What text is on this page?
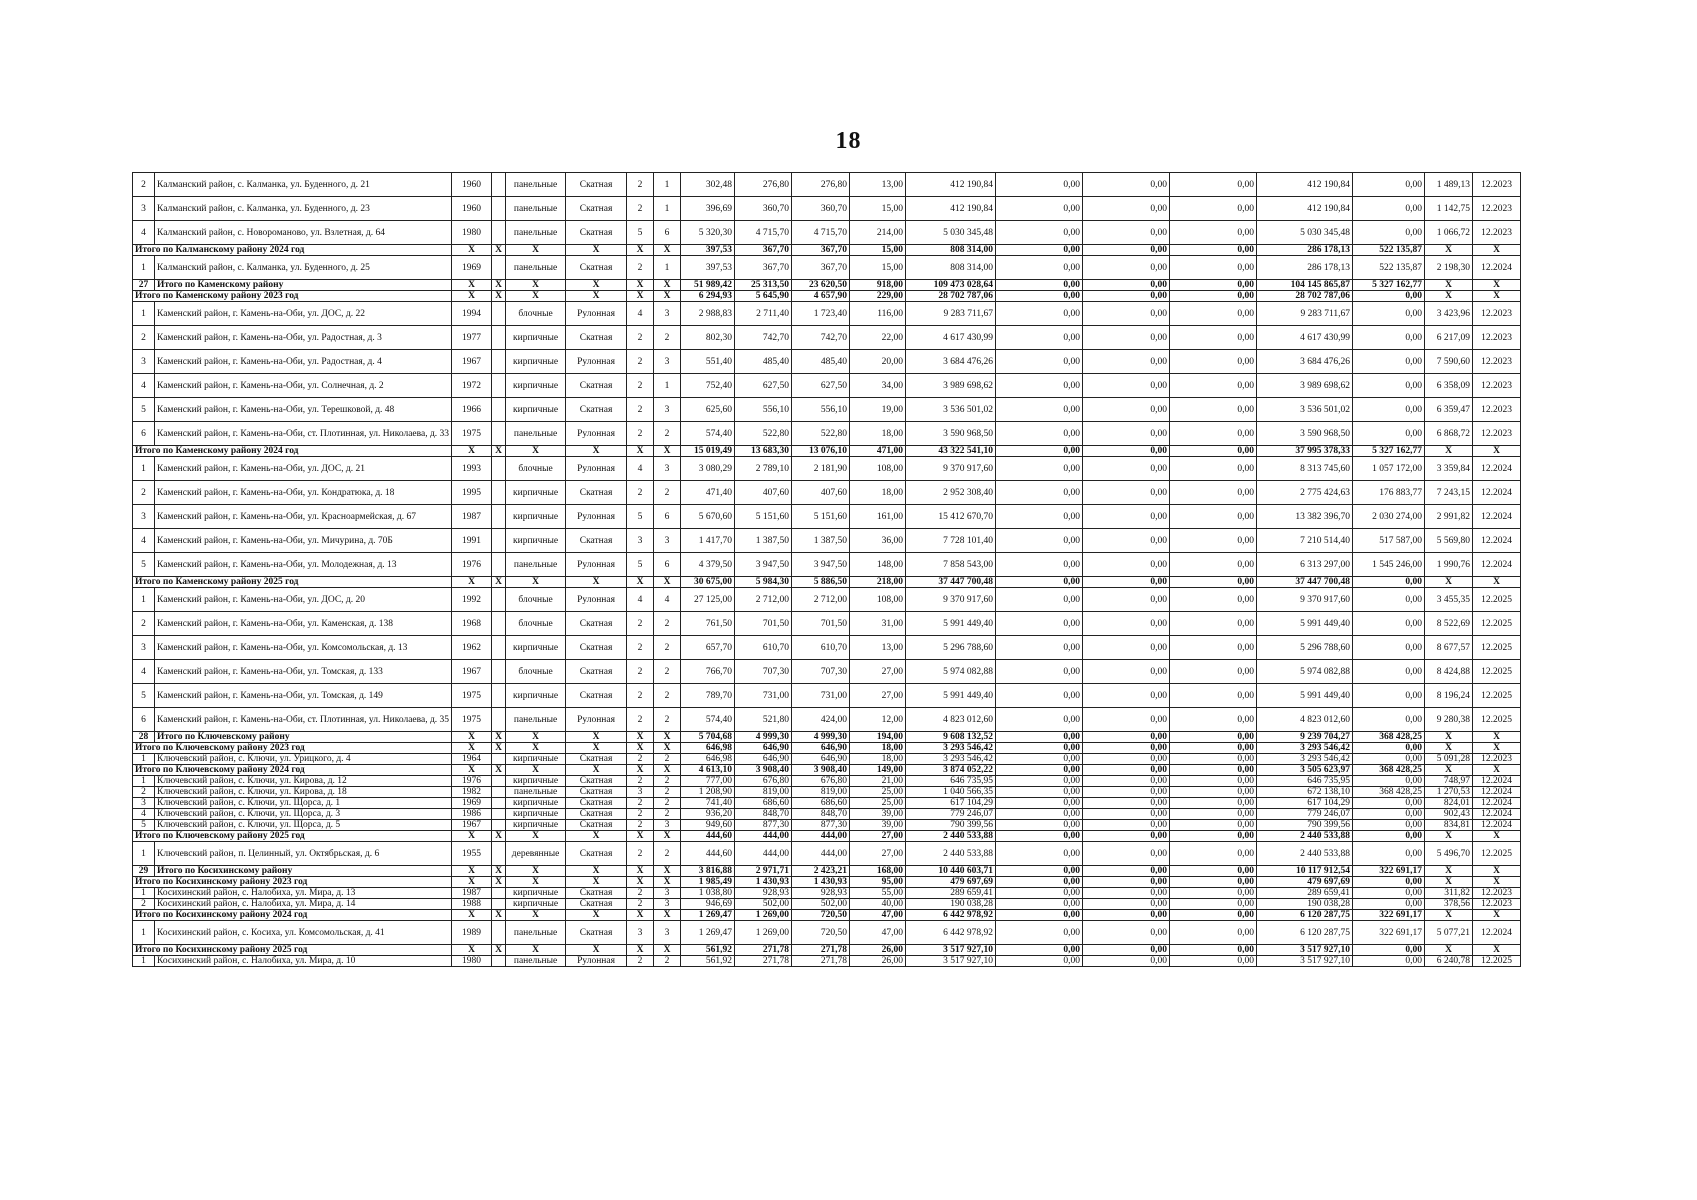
18
2	Калманский район, с. Калманка, ул. Буденного, д. 21	1960		панельные	Скатная	2	1	302,48	276,80	276,80	13,00	412 190,84	0,00	0,00	0,00	412 190,84	0,00	1 489,13	12.2023
3	Калманский район, с. Калманка, ул. Буденного, д. 23	1960		панельные	Скатная	2	1	396,69	360,70	360,70	15,00	412 190,84	0,00	0,00	0,00	412 190,84	0,00	1 142,75	12.2023
4	Калманский район, с. Новороманово, ул. Взлетная, д. 64	1980		панельные	Скатная	5	6	5 320,30	4 715,70	4 715,70	214,00	5 030 345,48	0,00	0,00	0,00	5 030 345,48	0,00	1 066,72	12.2023
Итого по Калманскому району 2024 год		X	X	X	X	X	X	397,53	367,70	367,70	15,00	808 314,00	0,00	0,00	0,00	286 178,13	522 135,87	X	X
1	Калманский район, с. Калманка, ул. Буденного, д. 25	1969		панельные	Скатная	2	1	397,53	367,70	367,70	15,00	808 314,00	0,00	0,00	0,00	286 178,13	522 135,87	2 198,30	12.2024
27	Итого по Каменскому району	X	X	X	X	X	X	51 989,42	25 313,50	23 620,50	918,00	109 473 028,64	0,00	0,00	0,00	104 145 865,87	5 327 162,77	X	X
Итого по Каменскому району 2023 год		X	X	X	X	X	X	6 294,93	5 645,90	4 657,90	229,00	28 702 787,06	0,00	0,00	0,00	28 702 787,06	0,00	X	X
1	Каменский район, г. Камень-на-Оби, ул. ДОС, д. 22	1994		блочные	Рулонная	4	3	2 988,83	2 711,40	1 723,40	116,00	9 283 711,67	0,00	0,00	0,00	9 283 711,67	0,00	3 423,96	12.2023
2	Каменский район, г. Камень-на-Оби, ул. Радостная, д. 3	1977		кирпичные	Скатная	2	2	802,30	742,70	742,70	22,00	4 617 430,99	0,00	0,00	0,00	4 617 430,99	0,00	6 217,09	12.2023
3	Каменский район, г. Камень-на-Оби, ул. Радостная, д. 4	1967		кирпичные	Рулонная	2	3	551,40	485,40	485,40	20,00	3 684 476,26	0,00	0,00	0,00	3 684 476,26	0,00	7 590,60	12.2023
4	Каменский район, г. Камень-на-Оби, ул. Солнечная, д. 2	1972		кирпичные	Скатная	2	1	752,40	627,50	627,50	34,00	3 989 698,62	0,00	0,00	0,00	3 989 698,62	0,00	6 358,09	12.2023
5	Каменский район, г. Камень-на-Оби, ул. Терешковой, д. 48	1966		кирпичные	Скатная	2	3	625,60	556,10	556,10	19,00	3 536 501,02	0,00	0,00	0,00	3 536 501,02	0,00	6 359,47	12.2023
6	Каменский район, г. Камень-на-Оби, ст. Плотинная, ул. Николаева, д. 33	1975		панельные	Рулонная	2	2	574,40	522,80	522,80	18,00	3 590 968,50	0,00	0,00	0,00	3 590 968,50	0,00	6 868,72	12.2023
Итого по Каменскому району 2024 год		X	X	X	X	X	X	15 019,49	13 683,30	13 076,10	471,00	43 322 541,10	0,00	0,00	0,00	37 995 378,33	5 327 162,77	X	X
1	Каменский район, г. Камень-на-Оби, ул. ДОС, д. 21	1993		блочные	Рулонная	4	3	3 080,29	2 789,10	2 181,90	108,00	9 370 917,60	0,00	0,00	0,00	8 313 745,60	1 057 172,00	3 359,84	12.2024
2	Каменский район, г. Камень-на-Оби, ул. Кондратюка, д. 18	1995		кирпичные	Скатная	2	2	471,40	407,60	407,60	18,00	2 952 308,40	0,00	0,00	0,00	2 775 424,63	176 883,77	7 243,15	12.2024
3	Каменский район, г. Камень-на-Оби, ул. Красноармейская, д. 67	1987		кирпичные	Рулонная	5	6	5 670,60	5 151,60	5 151,60	161,00	15 412 670,70	0,00	0,00	0,00	13 382 396,70	2 030 274,00	2 991,82	12.2024
4	Каменский район, г. Камень-на-Оби, ул. Мичурина, д. 70Б	1991		кирпичные	Скатная	3	3	1 417,70	1 387,50	1 387,50	36,00	7 728 101,40	0,00	0,00	0,00	7 210 514,40	517 587,00	5 569,80	12.2024
5	Каменский район, г. Камень-на-Оби, ул. Молодежная, д. 13	1976		панельные	Рулонная	5	6	4 379,50	3 947,50	3 947,50	148,00	7 858 543,00	0,00	0,00	0,00	6 313 297,00	1 545 246,00	1 990,76	12.2024
Итого по Каменскому району 2025 год		X	X	X	X	X	X	30 675,00	5 984,30	5 886,50	218,00	37 447 700,48	0,00	0,00	0,00	37 447 700,48	0,00	X	X
1	Каменский район, г. Камень-на-Оби, ул. ДОС, д. 20	1992		блочные	Рулонная	4	4	27 125,00	2 712,00	2 712,00	108,00	9 370 917,60	0,00	0,00	0,00	9 370 917,60	0,00	3 455,35	12.2025
2	Каменский район, г. Камень-на-Оби, ул. Каменская, д. 138	1968		блочные	Скатная	2	2	761,50	701,50	701,50	31,00	5 991 449,40	0,00	0,00	0,00	5 991 449,40	0,00	8 522,69	12.2025
3	Каменский район, г. Камень-на-Оби, ул. Комсомольская, д. 13	1962		кирпичные	Скатная	2	2	657,70	610,70	610,70	13,00	5 296 788,60	0,00	0,00	0,00	5 296 788,60	0,00	8 677,57	12.2025
4	Каменский район, г. Камень-на-Оби, ул. Томская, д. 133	1967		блочные	Скатная	2	2	766,70	707,30	707,30	27,00	5 974 082,88	0,00	0,00	0,00	5 974 082,88	0,00	8 424,88	12.2025
5	Каменский район, г. Камень-на-Оби, ул. Томская, д. 149	1975		кирпичные	Скатная	2	2	789,70	731,00	731,00	27,00	5 991 449,40	0,00	0,00	0,00	5 991 449,40	0,00	8 196,24	12.2025
6	Каменский район, г. Камень-на-Оби, ст. Плотинная, ул. Николаева, д. 35	1975		панельные	Рулонная	2	2	574,40	521,80	424,00	12,00	4 823 012,60	0,00	0,00	0,00	4 823 012,60	0,00	9 280,38	12.2025
28	Итого по Ключевскому району	X	X	X	X	X	X	5 704,68	4 999,30	4 999,30	194,00	9 608 132,52	0,00	0,00	0,00	9 239 704,27	368 428,25	X	X
Итого по Ключевскому району 2023 год		X	X	X	X	X	X	646,98	646,90	646,90	18,00	3 293 546,42	0,00	0,00	0,00	3 293 546,42	0,00	X	X
1	Ключевский район, с. Ключи, ул. Урицкого, д. 4	1964		кирпичные	Скатная	2	2	646,98	646,90	646,90	18,00	3 293 546,42	0,00	0,00	0,00	3 293 546,42	0,00	5 091,28	12.2023
Итого по Ключевскому району 2024 год		X	X	X	X	X	X	4 613,10	3 908,40	3 908,40	149,00	3 874 052,22	0,00	0,00	0,00	3 505 623,97	368 428,25	X	X
1	Ключевский район, с. Ключи, ул. Кирова, д. 12	1976		кирпичные	Скатная	2	2	777,00	676,80	676,80	21,00	646 735,95	0,00	0,00	0,00	646 735,95	0,00	748,97	12.2024
2	Ключевский район, с. Ключи, ул. Кирова, д. 18	1982		панельные	Скатная	3	2	1 208,90	819,00	819,00	25,00	1 040 566,35	0,00	0,00	0,00	672 138,10	368 428,25	1 270,53	12.2024
3	Ключевский район, с. Ключи, ул. Щорса, д. 1	1969		кирпичные	Скатная	2	2	741,40	686,60	686,60	25,00	617 104,29	0,00	0,00	0,00	617 104,29	0,00	824,01	12.2024
4	Ключевский район, с. Ключи, ул. Щорса, д. 3	1986		кирпичные	Скатная	2	2	936,20	848,70	848,70	39,00	779 246,07	0,00	0,00	0,00	779 246,07	0,00	902,43	12.2024
5	Ключевский район, с. Ключи, ул. Щорса, д. 5	1967		кирпичные	Скатная	2	3	949,60	877,30	877,30	39,00	790 399,56	0,00	0,00	0,00	790 399,56	0,00	834,81	12.2024
Итого по Ключевскому району 2025 год		X	X	X	X	X	X	444,60	444,00	444,00	27,00	2 440 533,88	0,00	0,00	0,00	2 440 533,88	0,00	X	X
1	Ключевский район, п. Целинный, ул. Октябрьская, д. 6	1955		деревянные	Скатная	2	2	444,60	444,00	444,00	27,00	2 440 533,88	0,00	0,00	0,00	2 440 533,88	0,00	5 496,70	12.2025
29	Итого по Косихинскому району	X	X	X	X	X	X	3 816,88	2 971,71	2 423,21	168,00	10 440 603,71	0,00	0,00	0,00	10 117 912,54	322 691,17	X	X
Итого по Косихинскому району 2023 год		X	X	X	X	X	X	1 985,49	1 430,93	1 430,93	95,00	479 697,69	0,00	0,00	0,00	479 697,69	0,00	X	X
1	Косихинский район, с. Налобиха, ул. Мира, д. 13	1987		кирпичные	Скатная	2	3	1 038,80	928,93	928,93	55,00	289 659,41	0,00	0,00	0,00	289 659,41	0,00	311,82	12.2023
2	Косихинский район, с. Налобиха, ул. Мира, д. 14	1988		кирпичные	Скатная	2	3	946,69	502,00	502,00	40,00	190 038,28	0,00	0,00	0,00	190 038,28	0,00	378,56	12.2023
Итого по Косихинскому району 2024 год		X	X	X	X	X	X	1 269,47	1 269,00	720,50	47,00	6 442 978,92	0,00	0,00	0,00	6 120 287,75	322 691,17	X	X
1	Косихинский район, с. Косиха, ул. Комсомольская, д. 41	1989		панельные	Скатная	3	3	1 269,47	1 269,00	720,50	47,00	6 442 978,92	0,00	0,00	0,00	6 120 287,75	322 691,17	5 077,21	12.2024
Итого по Косихинскому району 2025 год		X	X	X	X	X	X	561,92	271,78	271,78	26,00	3 517 927,10	0,00	0,00	0,00	3 517 927,10	0,00	X	X
1	Косихинский район, с. Налобиха, ул. Мира, д. 10	1980		панельные	Рулонная	2	2	561,92	271,78	271,78	26,00	3 517 927,10	0,00	0,00	0,00	3 517 927,10	0,00	6 240,78	12.2025
